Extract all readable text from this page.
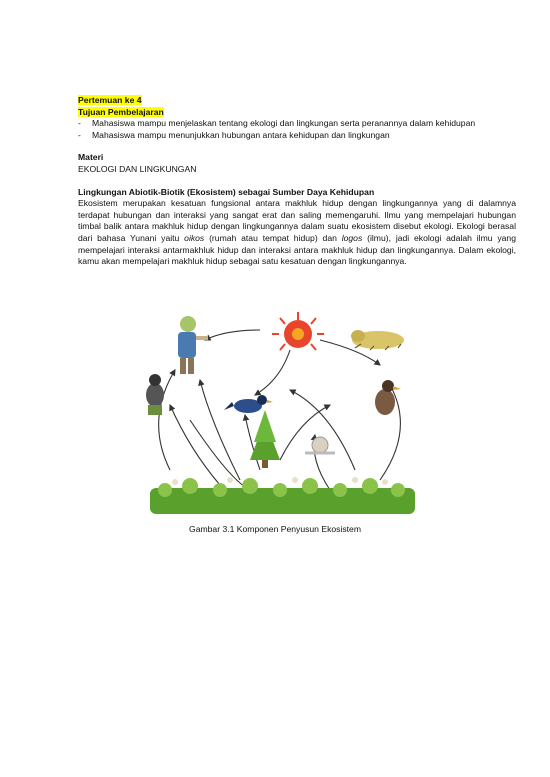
Pertemuan ke 4
Tujuan Pembelajaran
-	Mahasiswa mampu menjelaskan tentang ekologi dan lingkungan serta peranannya dalam kehidupan
-	Mahasiswa mampu menunjukkan hubungan antara kehidupan dan lingkungan
Materi
EKOLOGI DAN LINGKUNGAN
Lingkungan Abiotik-Biotik (Ekosistem) sebagai Sumber Daya Kehidupan
Ekosistem merupakan kesatuan fungsional antara makhluk hidup dengan lingkungannya yang di dalamnya terdapat hubungan dan interaksi yang sangat erat dan saling memengaruhi. Ilmu yang mempelajari hubungan timbal balik antara makhluk hidup dengan lingkungannya dalam suatu ekosistem disebut ekologi. Ekologi berasal dari bahasa Yunani yaitu oikos (rumah atau tempat hidup) dan logos (ilmu), jadi ekologi adalah ilmu yang mempelajari interaksi antarmakhluk hidup dan interaksi antara makhluk hidup dan lingkungannya. Dalam ekologi, kamu akan mempelajari makhluk hidup sebagai satu kesatuan dengan lingkungannya.
Gambar 3.1 Komponen Penyusun Ekosistem
